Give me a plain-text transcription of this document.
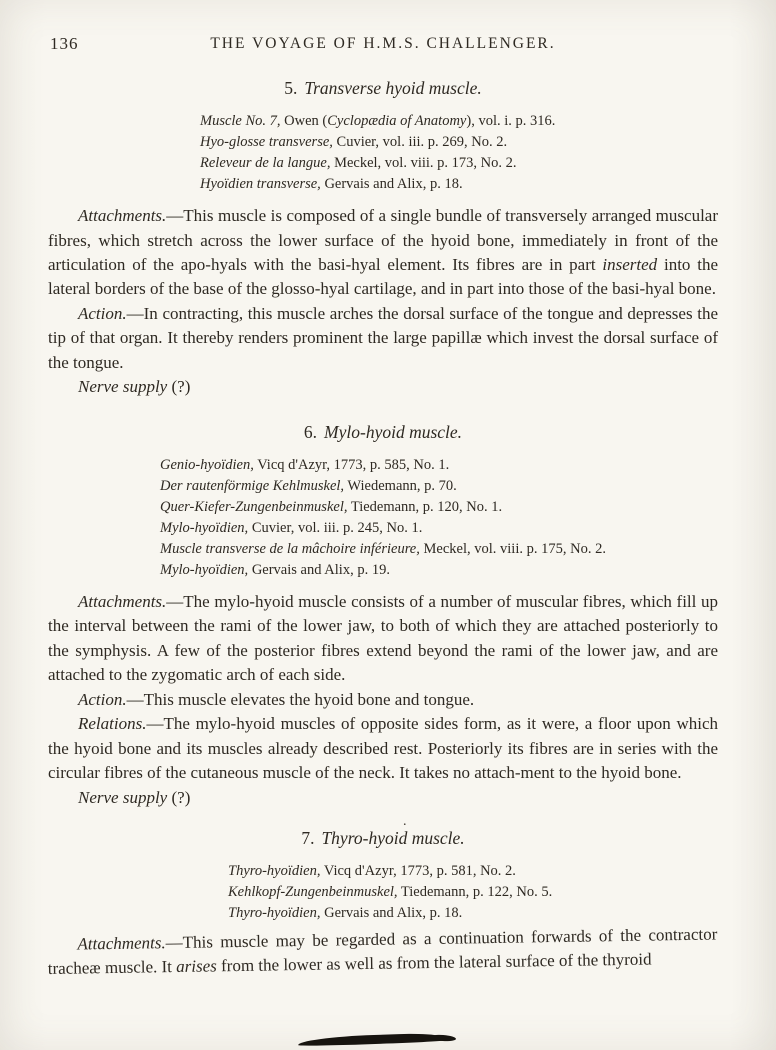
136	THE VOYAGE OF H.M.S. CHALLENGER.
5. Transverse hyoid muscle.

Muscle No. 7, Owen (Cyclopædia of Anatomy), vol. i. p. 316.

Hyo-glosse transverse, Cuvier, vol. iii. p. 269, No. 2.

Releveur de la langue, Meckel, vol. viii. p. 173, No. 2.

Hyoïdien transverse, Gervais and Alix, p. 18.

Attachments.—This muscle is composed of a single bundle of transversely arranged muscular fibres, which stretch across the lower surface of the hyoid bone, immediately in front of the articulation of the apo-hyals with the basi-hyal element. Its fibres are in part inserted into the lateral borders of the base of the glosso-hyal cartilage, and in part into those of the basi-hyal bone.

Action.—In contracting, this muscle arches the dorsal surface of the tongue and depresses the tip of that organ. It thereby renders prominent the large papillæ which invest the dorsal surface of the tongue.

Nerve supply (?)

6. Mylo-hyoid muscle.

Genio-hyoïdien, Vicq d'Azyr, 1773, p. 585, No. 1.

Der rautenförmige Kehlmuskel, Wiedemann, p. 70.

Quer-Kiefer-Zungenbeinmuskel, Tiedemann, p. 120, No. 1.

Mylo-hyoïdien, Cuvier, vol. iii. p. 245, No. 1.

Muscle transverse de la mâchoire inférieure, Meckel, vol. viii. p. 175, No. 2.

Mylo-hyoïdien, Gervais and Alix, p. 19.

Attachments.—The mylo-hyoid muscle consists of a number of muscular fibres, which fill up the interval between the rami of the lower jaw, to both of which they are attached posteriorly to the symphysis. A few of the posterior fibres extend beyond the rami of the lower jaw, and are attached to the zygomatic arch of each side.

Action.—This muscle elevates the hyoid bone and tongue.

Relations.—The mylo-hyoid muscles of opposite sides form, as it were, a floor upon which the hyoid bone and its muscles already described rest. Posteriorly its fibres are in series with the circular fibres of the cutaneous muscle of the neck. It takes no attach-ment to the hyoid bone.

Nerve supply (?)

.
7. Thyro-hyoid muscle.

Thyro-hyoïdien, Vicq d'Azyr, 1773, p. 581, No. 2.

Kehlkopf-Zungenbeinmuskel, Tiedemann, p. 122, No. 5.

Thyro-hyoïdien, Gervais and Alix, p. 18.

Attachments.—This muscle may be regarded as a continuation forwards of the contractor tracheæ muscle. It arises from the lower as well as from the lateral surface of the thyroid
